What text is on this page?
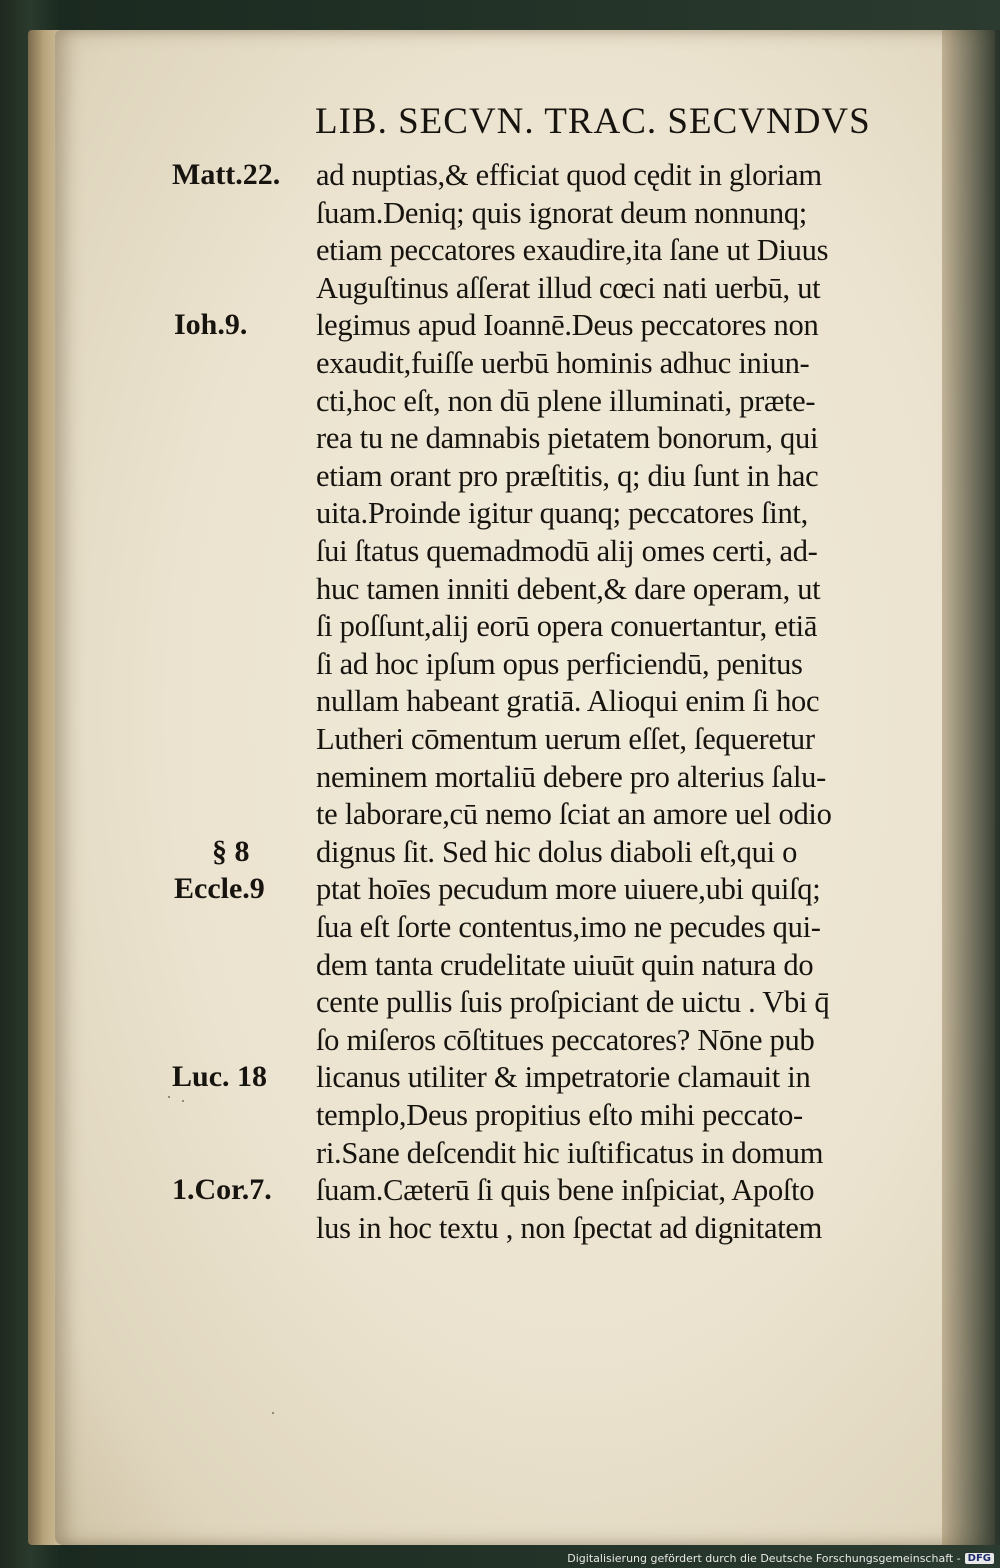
LIB. SECVN. TRAC. SECVNDVS
ad nuptias,& efficiat quod cędit in gloriam
ſuam.Deniq; quis ignorat deum nonnunq;
etiam peccatores exaudire,ita ſane ut Diuus
Auguſtinus aſſerat illud cœci nati uerbū, ut
legimus apud Ioannē.Deus peccatores non
exaudit,fuiſſe uerbū hominis adhuc iniun-
cti,hoc eſt, non dū plene illuminati, præte-
rea tu ne damnabis pietatem bonorum, qui
etiam orant pro præſtitis, q; diu ſunt in hac
uita.Proinde igitur quanq; peccatores ſint,
ſui ſtatus quemadmodū alij omes certi, ad-
huc tamen inniti debent,& dare operam, ut
ſi poſſunt,alij eorū opera conuertantur, etiā
ſi ad hoc ipſum opus perficiendū, penitus
nullam habeant gratiā. Alioqui enim ſi hoc
Lutheri cōmentum uerum eſſet, ſequeretur
neminem mortaliū debere pro alterius ſalu-
te laborare,cū nemo ſciat an amore uel odio
dignus ſit. Sed hic dolus diaboli eſt,qui o
ptat hoīes pecudum more uiuere,ubi quiſq;
ſua eſt ſorte contentus,imo ne pecudes qui-
dem tanta crudelitate uiuūt quin natura do
cente pullis ſuis proſpiciant de uictu . Vbi q̄
ſo miſeros cōſtitues peccatores? Nōne pub
licanus utiliter & impetratorie clamauit in
templo,Deus propitius eſto mihi peccato-
ri.Sane deſcendit hic iuſtificatus in domum
ſuam.Cæterū ſi quis bene inſpiciat, Apoſto
lus in hoc textu , non ſpectat ad dignitatem
Matt.22.
Ioh.9.
§ 8
Eccle.9
Luc. 18
1.Cor.7.
Digitalisierung gefördert durch die Deutsche Forschungsgemeinschaft - DFG
